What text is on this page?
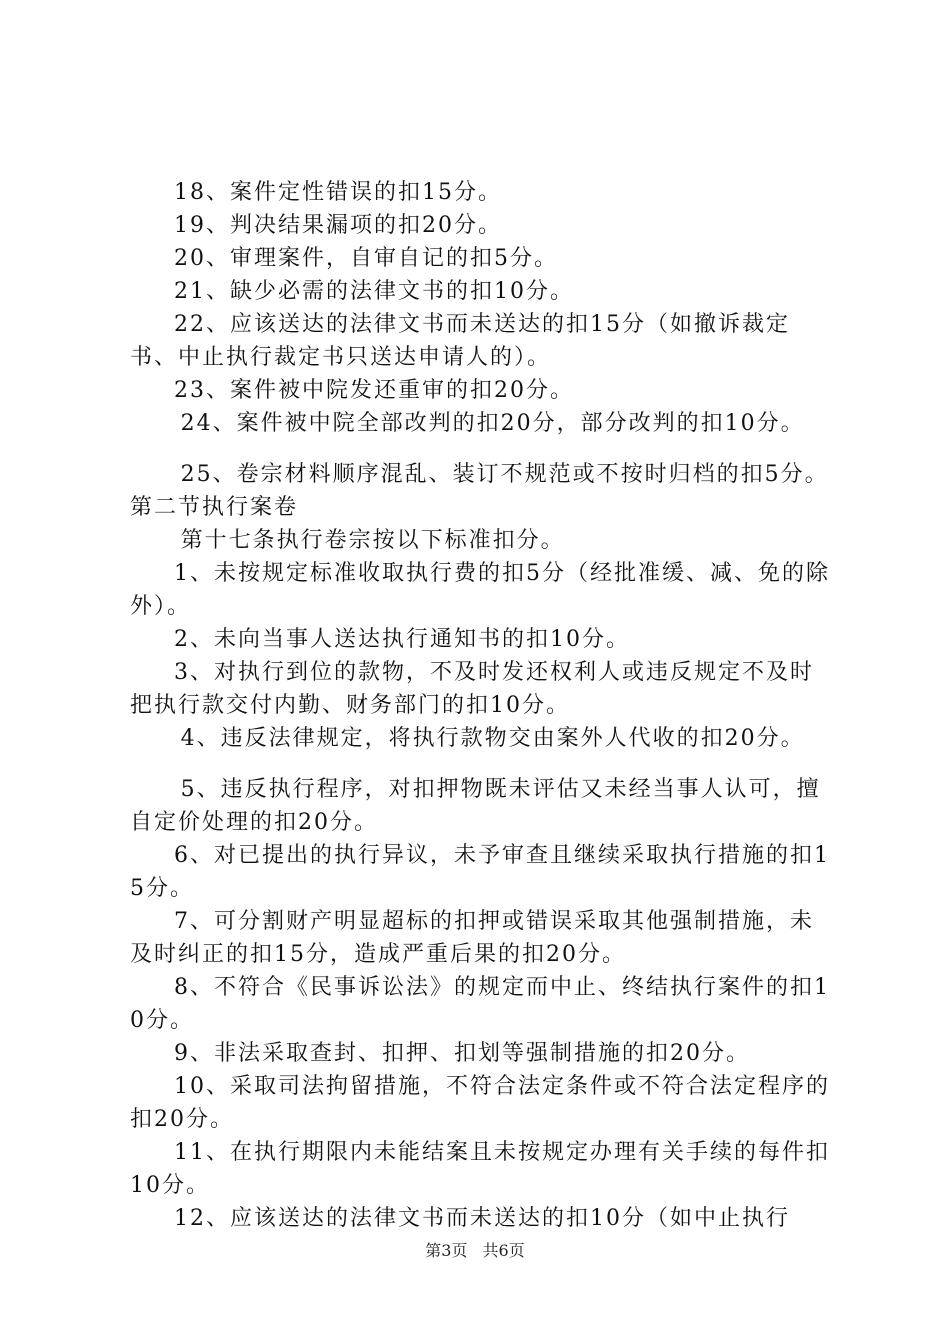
18、案件定性错误的扣15分。

19、判决结果漏项的扣20分。

20、审理案件，自审自记的扣5分。

21、缺少必需的法律文书的扣10分。

22、应该送达的法律文书而未送达的扣15分（如撤诉裁定书、中止执行裁定书只送达申请人的）。

23、案件被中院发还重审的扣20分。

24、案件被中院全部改判的扣20分，部分改判的扣10分。

25、卷宗材料顺序混乱、装订不规范或不按时归档的扣5分。第二节执行案卷

第十七条执行卷宗按以下标准扣分。

1、未按规定标准收取执行费的扣5分（经批准缓、减、免的除外）。

2、未向当事人送达执行通知书的扣10分。

3、对执行到位的款物，不及时发还权利人或违反规定不及时把执行款交付内勤、财务部门的扣10分。

4、违反法律规定，将执行款物交由案外人代收的扣20分。

5、违反执行程序，对扣押物既未评估又未经当事人认可，擅自定价处理的扣20分。

6、对已提出的执行异议，未予审查且继续采取执行措施的扣15分。

7、可分割财产明显超标的扣押或错误采取其他强制措施，未及时纠正的扣15分，造成严重后果的扣20分。

8、不符合《民事诉讼法》的规定而中止、终结执行案件的扣10分。

9、非法采取查封、扣押、扣划等强制措施的扣20分。

10、采取司法拘留措施，不符合法定条件或不符合法定程序的扣20分。

11、在执行期限内未能结案且未按规定办理有关手续的每件扣10分。

12、应该送达的法律文书而未送达的扣10分（如中止执行

第3页 共6页
